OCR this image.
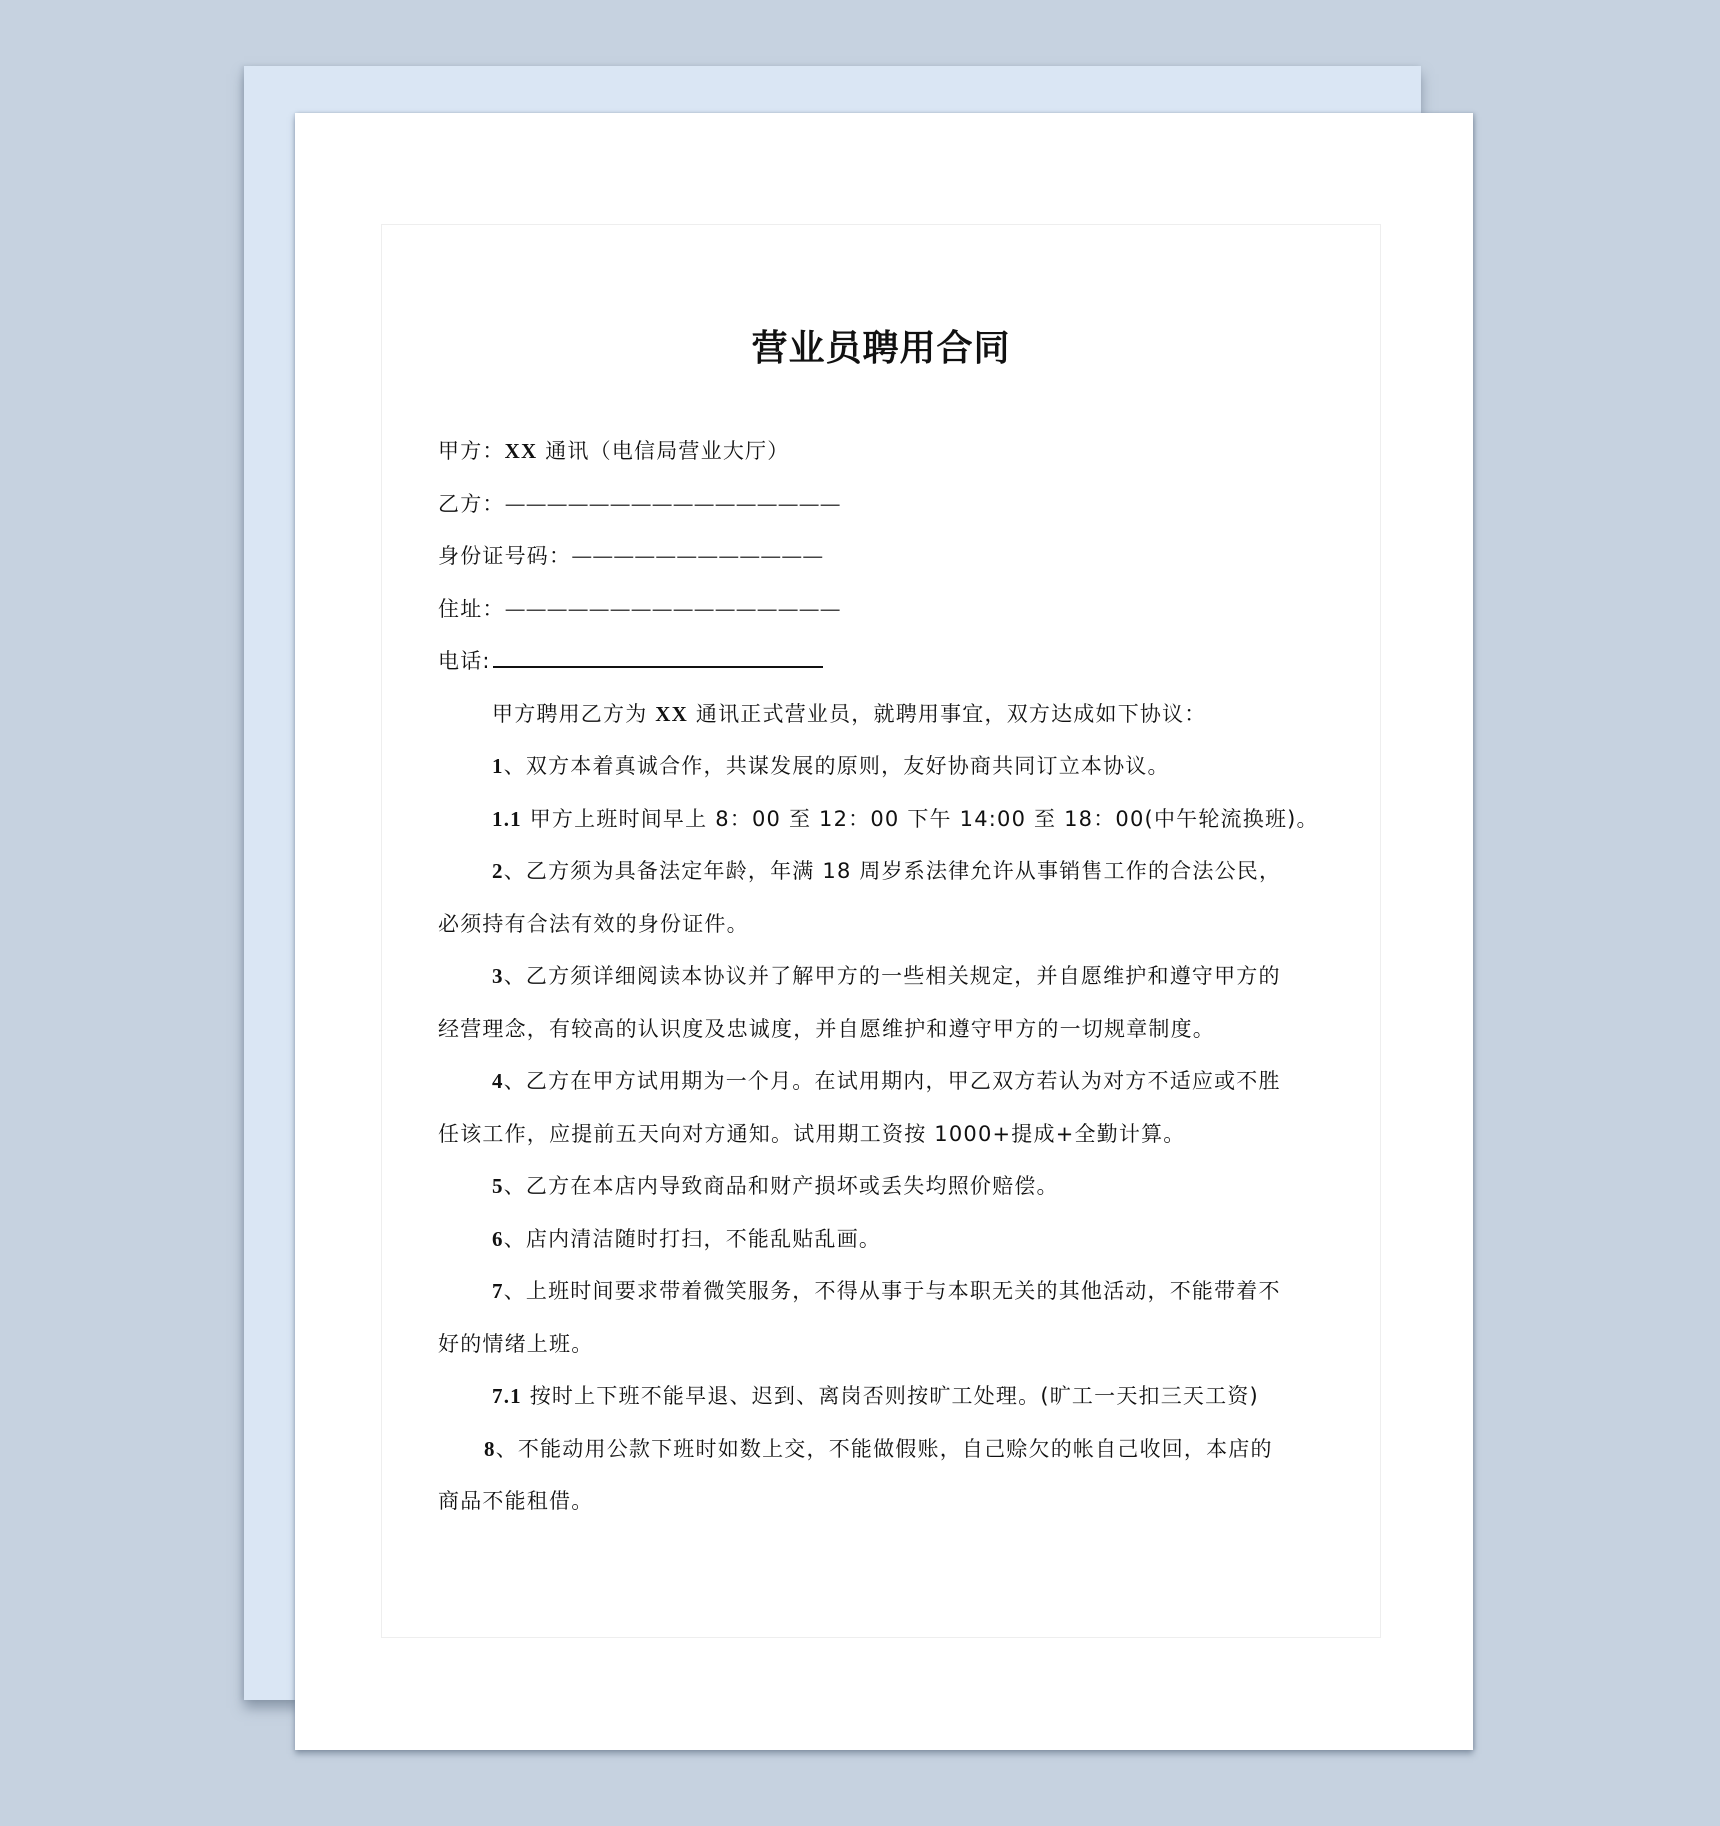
营业员聘用合同
甲方：XX 通讯（电信局营业大厅）
乙方：————————————————
身份证号码：————————————
住址：————————————————
电话:
甲方聘用乙方为 XX 通讯正式营业员，就聘用事宜，双方达成如下协议：
1、双方本着真诚合作，共谋发展的原则，友好协商共同订立本协议。
1.1 甲方上班时间早上 8：00 至 12：00 下午 14:00 至 18：00(中午轮流换班)。
2、乙方须为具备法定年龄，年满 18 周岁系法律允许从事销售工作的合法公民，
必须持有合法有效的身份证件。
3、乙方须详细阅读本协议并了解甲方的一些相关规定，并自愿维护和遵守甲方的
经营理念，有较高的认识度及忠诚度，并自愿维护和遵守甲方的一切规章制度。
4、乙方在甲方试用期为一个月。在试用期内，甲乙双方若认为对方不适应或不胜
任该工作，应提前五天向对方通知。试用期工资按 1000+提成+全勤计算。
5、乙方在本店内导致商品和财产损坏或丢失均照价赔偿。
6、店内清洁随时打扫，不能乱贴乱画。
7、上班时间要求带着微笑服务，不得从事于与本职无关的其他活动，不能带着不
好的情绪上班。
7.1 按时上下班不能早退、迟到、离岗否则按旷工处理。(旷工一天扣三天工资)
8、不能动用公款下班时如数上交，不能做假账，自己赊欠的帐自己收回，本店的
商品不能租借。
